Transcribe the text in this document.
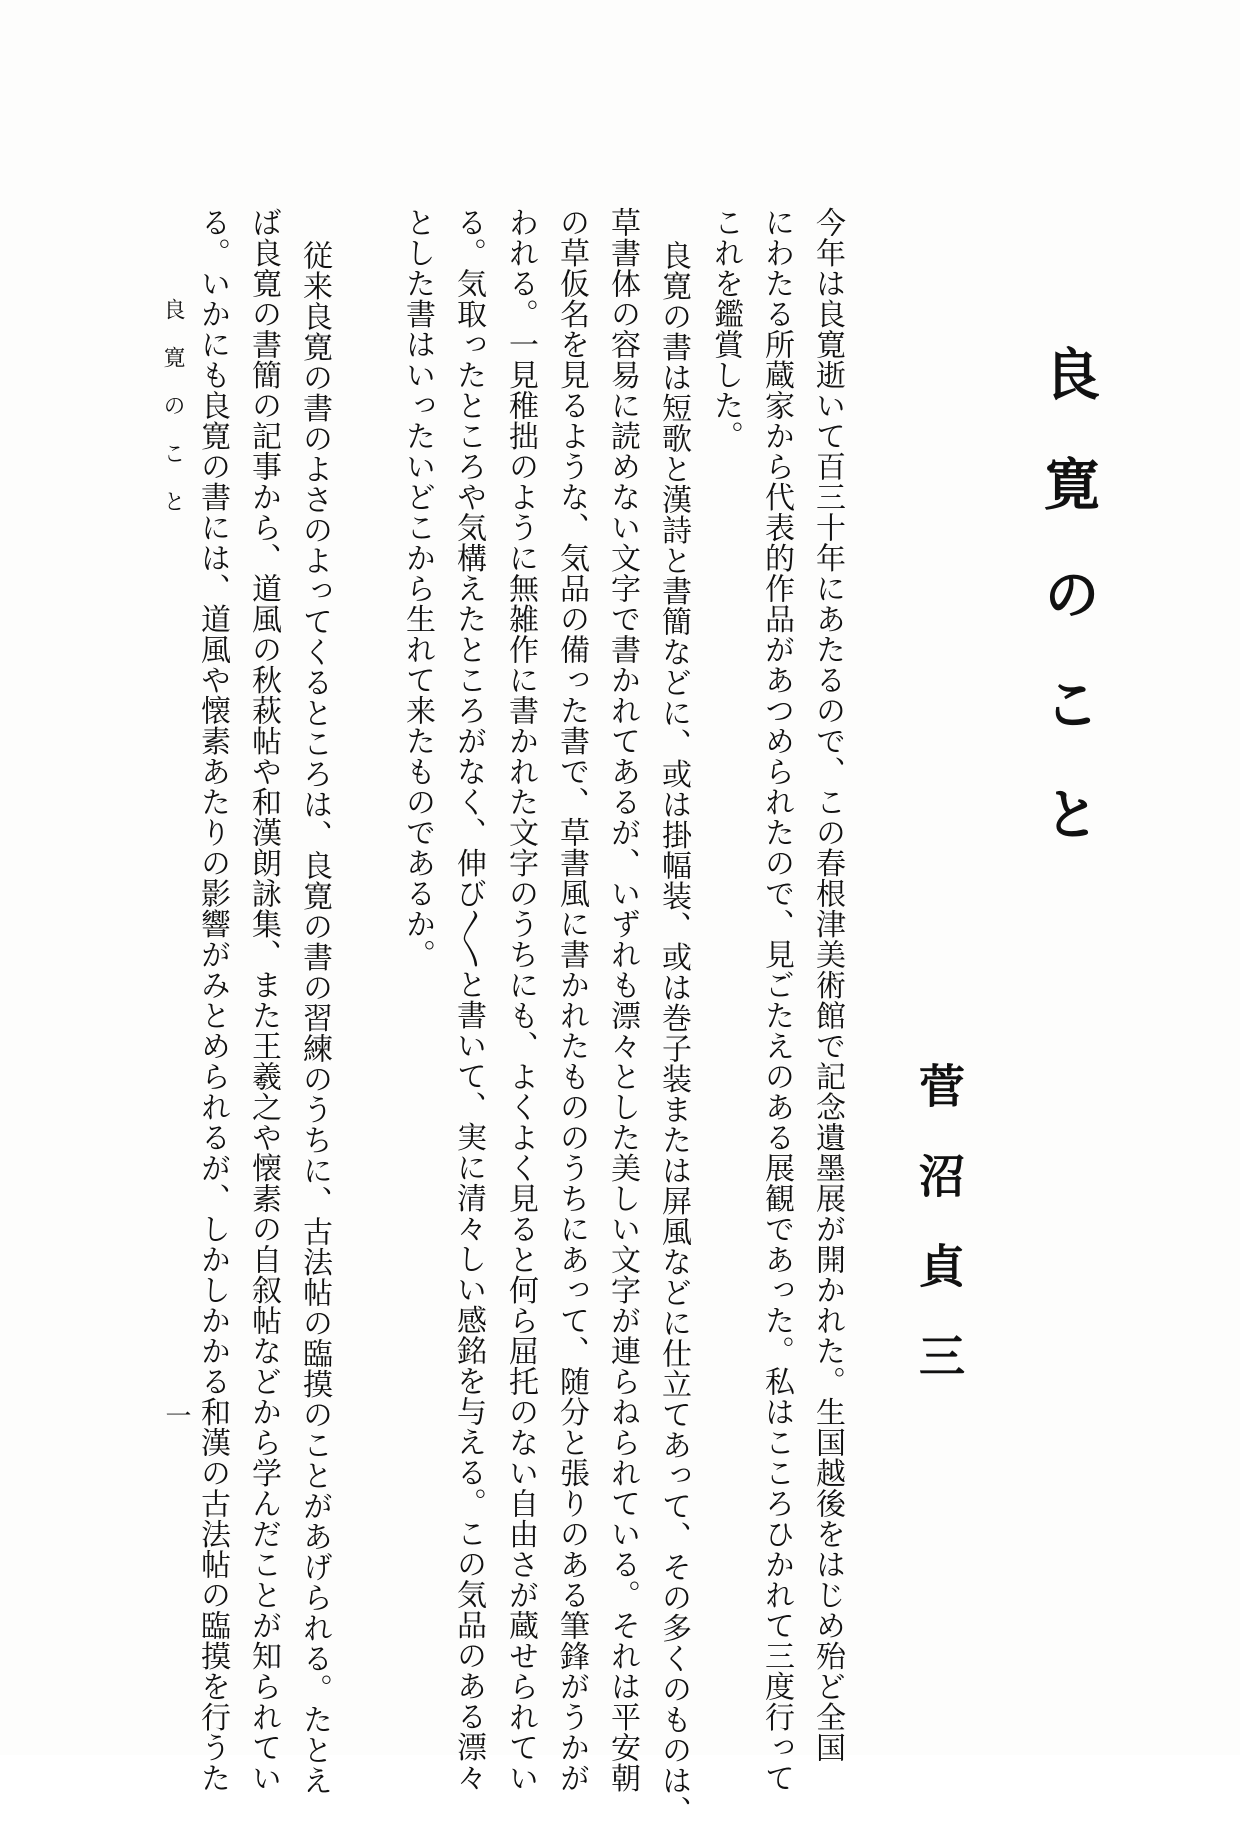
良寛のこと
菅沼貞三
今年は良寛逝いて百三十年にあたるので、この春根津美術館で記念遺墨展が開かれた。生国越後をはじめ殆ど全国
にわたる所蔵家から代表的作品があつめられたので、見ごたえのある展観であった。私はこころひかれて三度行って
これを鑑賞した。
良寛の書は短歌と漢詩と書簡などに、或は掛幅装、或は巻子装または屏風などに仕立てあって、その多くのものは、
草書体の容易に読めない文字で書かれてあるが、いずれも漂々とした美しい文字が連らねられている。それは平安朝
の草仮名を見るような、気品の備った書で、草書風に書かれたもののうちにあって、随分と張りのある筆鋒がうかが
われる。一見稚拙のように無雑作に書かれた文字のうちにも、よくよく見ると何ら屈托のない自由さが蔵せられてい
る。気取ったところや気構えたところがなく、伸び〳〵と書いて、実に清々しい感銘を与える。この気品のある漂々
とした書はいったいどこから生れて来たものであるか。
従来良寛の書のよさのよってくるところは、良寛の書の習練のうちに、古法帖の臨摸のことがあげられる。たとえ
ば良寛の書簡の記事から、道風の秋萩帖や和漢朗詠集、また王羲之や懐素の自叙帖などから学んだことが知られてい
る。いかにも良寛の書には、道風や懐素あたりの影響がみとめられるが、しかしかかる和漢の古法帖の臨摸を行うた
良寛のこと
一
